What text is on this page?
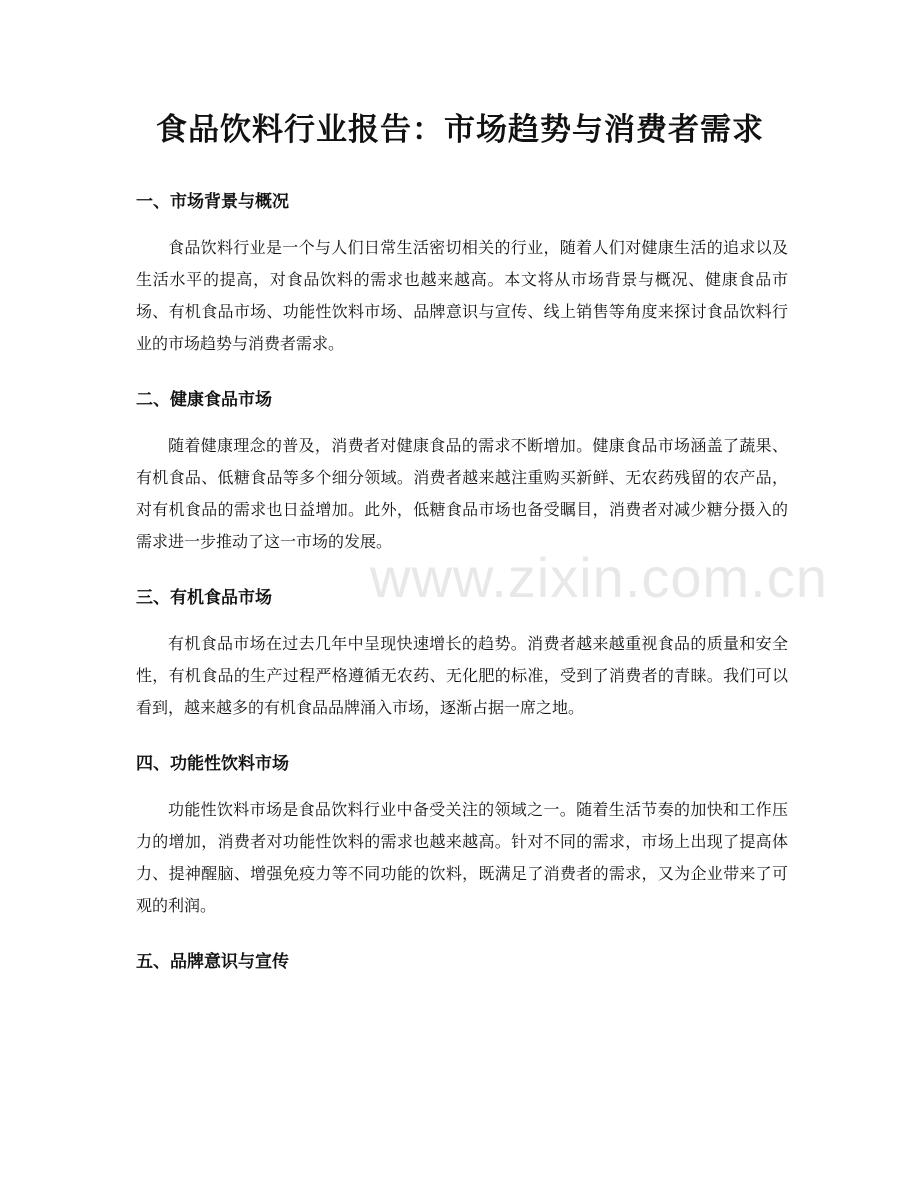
食品饮料行业报告：市场趋势与消费者需求
一、市场背景与概况

食品饮料行业是一个与人们日常生活密切相关的行业，随着人们对健康生活的追求以及生活水平的提高，对食品饮料的需求也越来越高。本文将从市场背景与概况、健康食品市场、有机食品市场、功能性饮料市场、品牌意识与宣传、线上销售等角度来探讨食品饮料行业的市场趋势与消费者需求。

二、健康食品市场

随着健康理念的普及，消费者对健康食品的需求不断增加。健康食品市场涵盖了蔬果、有机食品、低糖食品等多个细分领域。消费者越来越注重购买新鲜、无农药残留的农产品，对有机食品的需求也日益增加。此外，低糖食品市场也备受瞩目，消费者对减少糖分摄入的需求进一步推动了这一市场的发展。

三、有机食品市场

有机食品市场在过去几年中呈现快速增长的趋势。消费者越来越重视食品的质量和安全性，有机食品的生产过程严格遵循无农药、无化肥的标准，受到了消费者的青睐。我们可以看到，越来越多的有机食品品牌涌入市场，逐渐占据一席之地。

四、功能性饮料市场

功能性饮料市场是食品饮料行业中备受关注的领域之一。随着生活节奏的加快和工作压力的增加，消费者对功能性饮料的需求也越来越高。针对不同的需求，市场上出现了提高体力、提神醒脑、增强免疫力等不同功能的饮料，既满足了消费者的需求，又为企业带来了可观的利润。

五、品牌意识与宣传
www.zixin.com.cn
